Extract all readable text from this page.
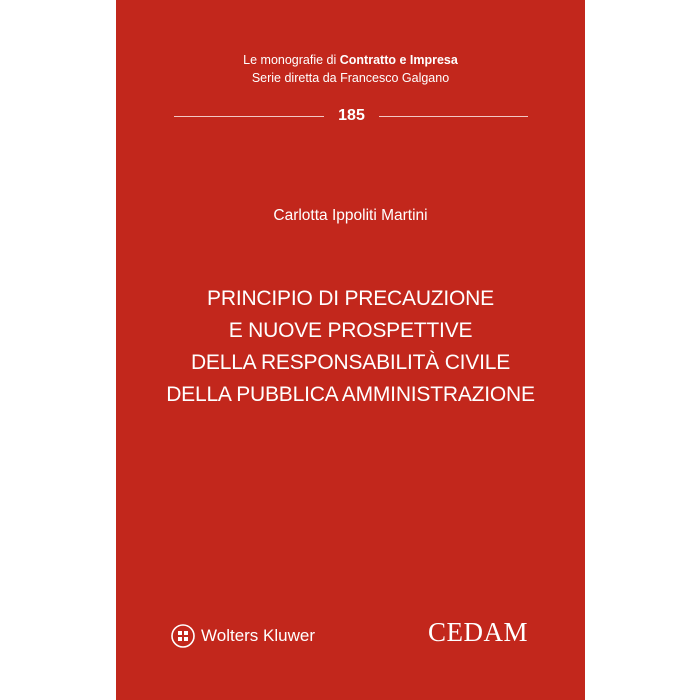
Le monografie di Contratto e Impresa
Serie diretta da Francesco Galgano
185
Carlotta Ippoliti Martini
PRINCIPIO DI PRECAUZIONE
E NUOVE PROSPETTIVE
DELLA RESPONSABILITÀ CIVILE
DELLA PUBBLICA AMMINISTRAZIONE
Wolters Kluwer	CEDAM
